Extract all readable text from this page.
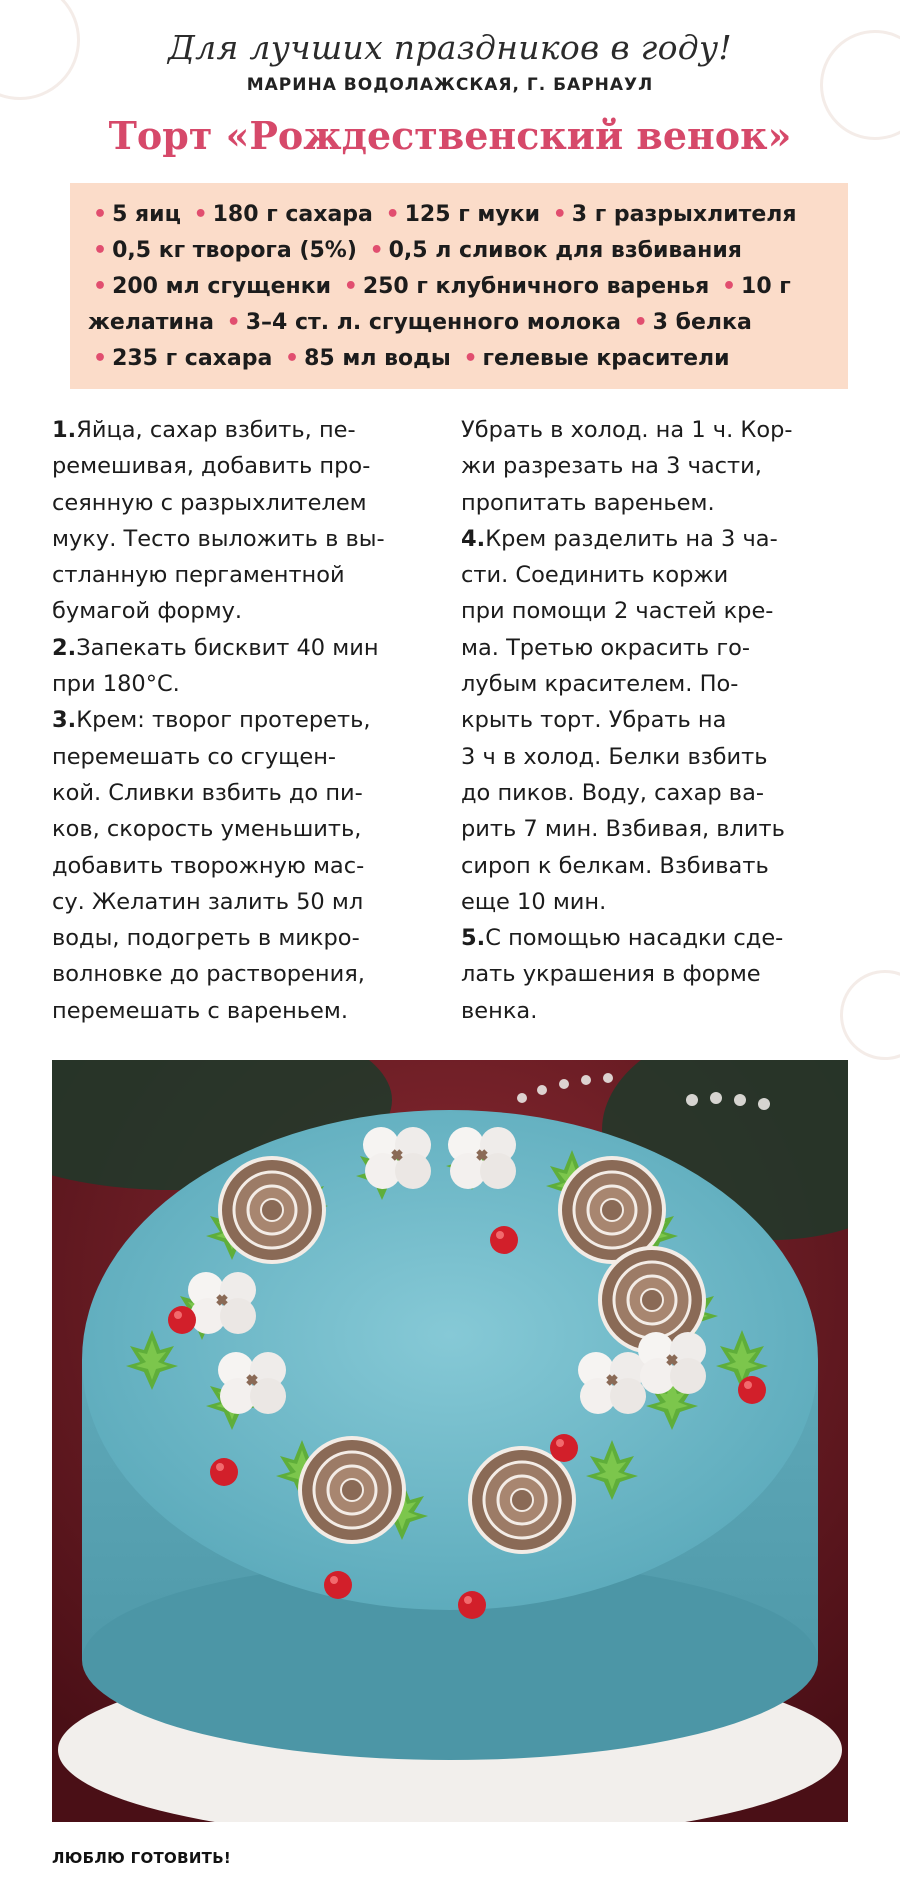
Для лучших праздников в году!
МАРИНА ВОДОЛАЖСКАЯ, Г. БАРНАУЛ
Торт «Рождественский венок»
• 5 яиц • 180 г сахара • 125 г муки • 3 г разрыхлителя
• 0,5 кг творога (5%) • 0,5 л сливок для взбивания
• 200 мл сгущенки • 250 г клубничного варенья • 10 г
желатина • 3–4 ст. л. сгущенного молока • 3 белка
• 235 г сахара • 85 мл воды • гелевые красители
1.Яйца, сахар взбить, пе-
ремешивая, добавить про-
сеянную с разрыхлителем
муку. Тесто выложить в вы-
стланную пергаментной
бумагой форму.
2.Запекать бисквит 40 мин
при 180°С.
3.Крем: творог протереть,
перемешать со сгущен-
кой. Сливки взбить до пи-
ков, скорость уменьшить,
добавить творожную мас-
су. Желатин залить 50 мл
воды, подогреть в микро-
волновке до растворения,
перемешать с вареньем.
Убрать в холод. на 1 ч. Кор-
жи разрезать на 3 части,
пропитать вареньем.
4.Крем разделить на 3 ча-
сти. Соединить коржи
при помощи 2 частей кре-
ма. Третью окрасить го-
лубым красителем. По-
крыть торт. Убрать на
3 ч в холод. Белки взбить
до пиков. Воду, сахар ва-
рить 7 мин. Взбивая, влить
сироп к белкам. Взбивать
еще 10 мин.
5.С помощью насадки сде-
лать украшения в форме
венка.
ЛЮБЛЮ ГОТОВИТЬ!
